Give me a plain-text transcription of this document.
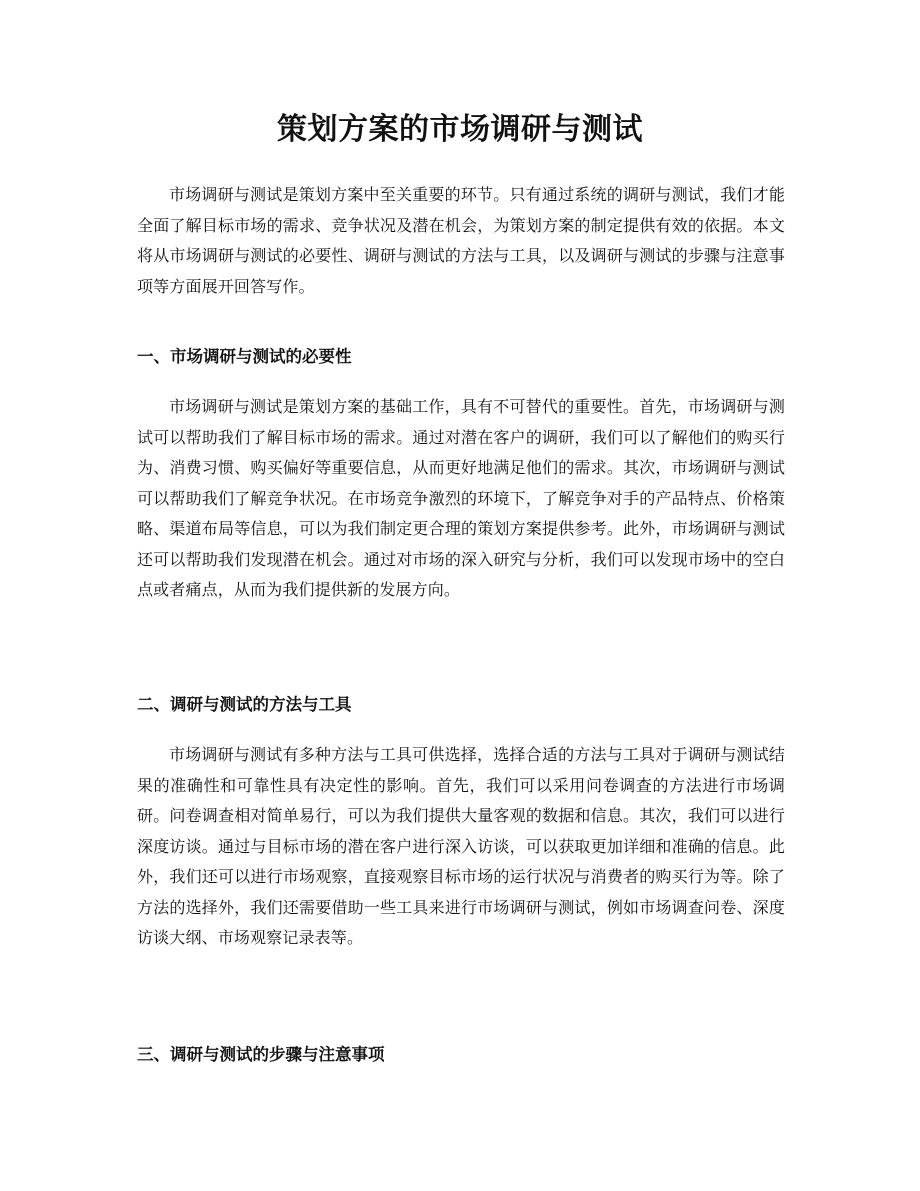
策划方案的市场调研与测试

市场调研与测试是策划方案中至关重要的环节。只有通过系统的调研与测试，我们才能全面了解目标市场的需求、竞争状况及潜在机会，为策划方案的制定提供有效的依据。本文将从市场调研与测试的必要性、调研与测试的方法与工具，以及调研与测试的步骤与注意事项等方面展开回答写作。

一、市场调研与测试的必要性

市场调研与测试是策划方案的基础工作，具有不可替代的重要性。首先，市场调研与测试可以帮助我们了解目标市场的需求。通过对潜在客户的调研，我们可以了解他们的购买行为、消费习惯、购买偏好等重要信息，从而更好地满足他们的需求。其次，市场调研与测试可以帮助我们了解竞争状况。在市场竞争激烈的环境下，了解竞争对手的产品特点、价格策略、渠道布局等信息，可以为我们制定更合理的策划方案提供参考。此外，市场调研与测试还可以帮助我们发现潜在机会。通过对市场的深入研究与分析，我们可以发现市场中的空白点或者痛点，从而为我们提供新的发展方向。

二、调研与测试的方法与工具

市场调研与测试有多种方法与工具可供选择，选择合适的方法与工具对于调研与测试结果的准确性和可靠性具有决定性的影响。首先，我们可以采用问卷调查的方法进行市场调研。问卷调查相对简单易行，可以为我们提供大量客观的数据和信息。其次，我们可以进行深度访谈。通过与目标市场的潜在客户进行深入访谈，可以获取更加详细和准确的信息。此外，我们还可以进行市场观察，直接观察目标市场的运行状况与消费者的购买行为等。除了方法的选择外，我们还需要借助一些工具来进行市场调研与测试，例如市场调查问卷、深度访谈大纲、市场观察记录表等。

三、调研与测试的步骤与注意事项
